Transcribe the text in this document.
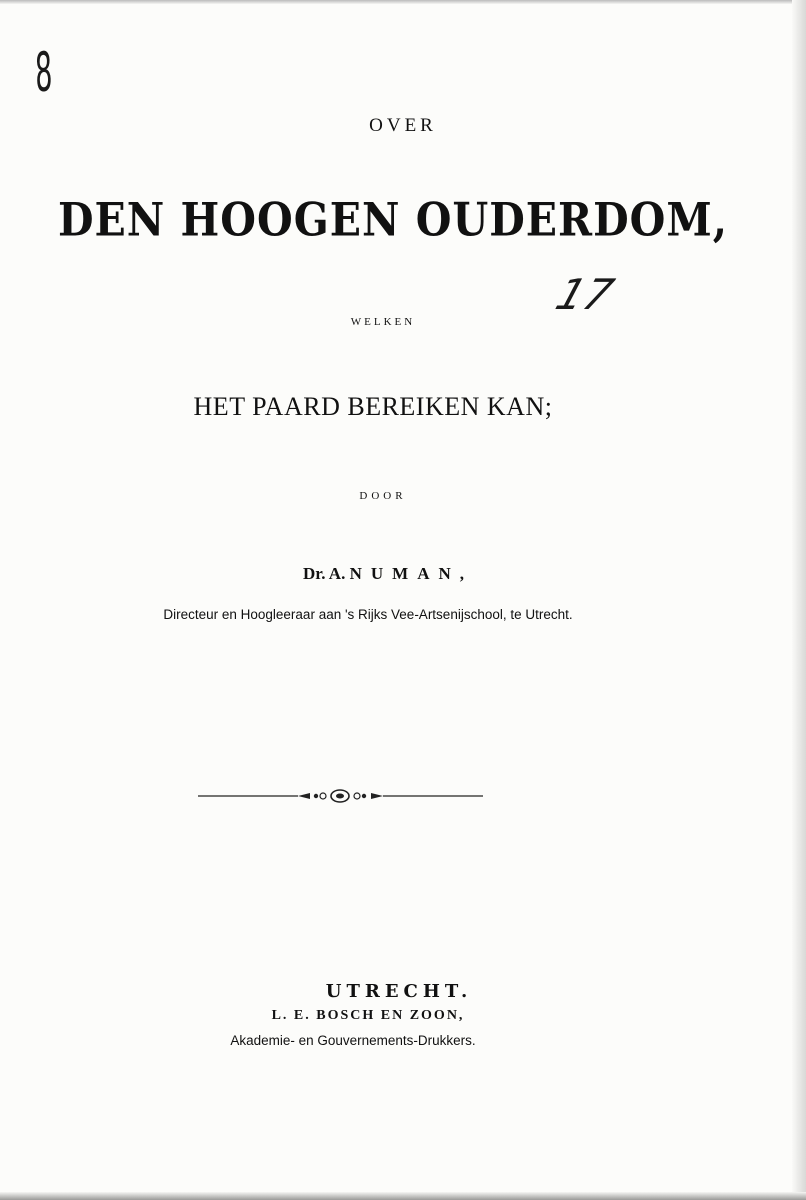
8
17
OVER
DEN HOOGEN OUDERDOM,
WELKEN
HET PAARD BEREIKEN KAN;
DOOR
Dr. A. NUMAN,
Directeur en Hoogleeraar aan 's Rijks Vee-Artsenijschool, te Utrecht.
UTRECHT.
L. E. BOSCH EN ZOON,
Akademie- en Gouvernements-Drukkers.
